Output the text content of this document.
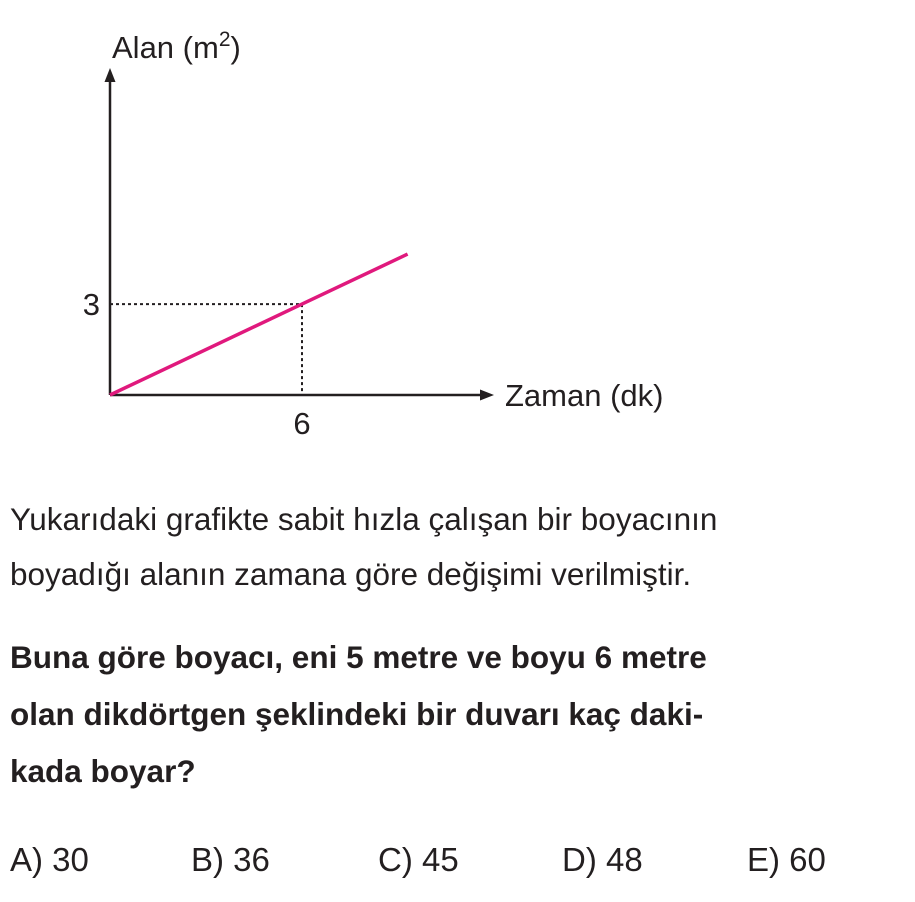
3
6
Alan $(m^2)$
Zaman (dk)

Yukarıdaki grafikte sabit hızla çalışan bir boyacının
boyadığı alanın zamana göre değişimi verilmiştir.

Buna göre boyacı, eni 5 metre ve boyu 6 metre
olan dikdörtgen şeklindeki bir duvarı kaç daki-
kada boyar?

A) 30	B) 36	C) 45	D) 48	E) 60
